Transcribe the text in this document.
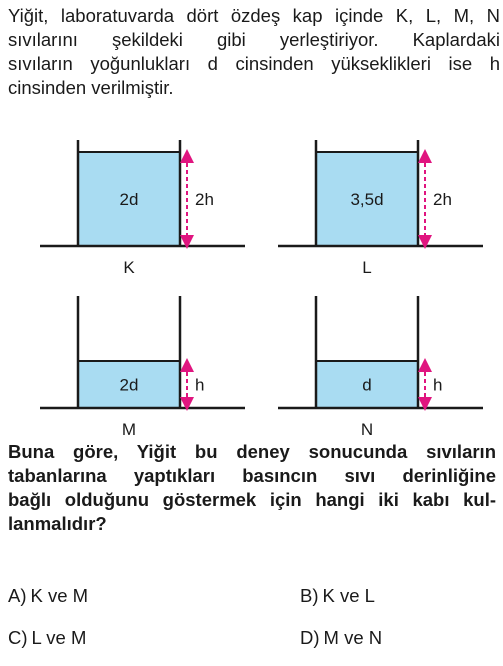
Yiğit, laboratuvarda dört özdeş kap içinde K, L, M, N
sıvılarını şekildeki gibi yerleştiriyor. Kaplardaki
sıvıların yoğunlukları d cinsinden yükseklikleri ise h
cinsinden verilmiştir.
2d	2h
K
3,5d	2h
L
2d	h
M
d	h
N
Buna göre, Yiğit bu deney sonucunda sıvıların
tabanlarına yaptıkları basıncın sıvı derinliğine
bağlı olduğunu göstermek için hangi iki kabı kul-
lanmalıdır?
A) K ve M	B) K ve L
C) L ve M	D) M ve N
